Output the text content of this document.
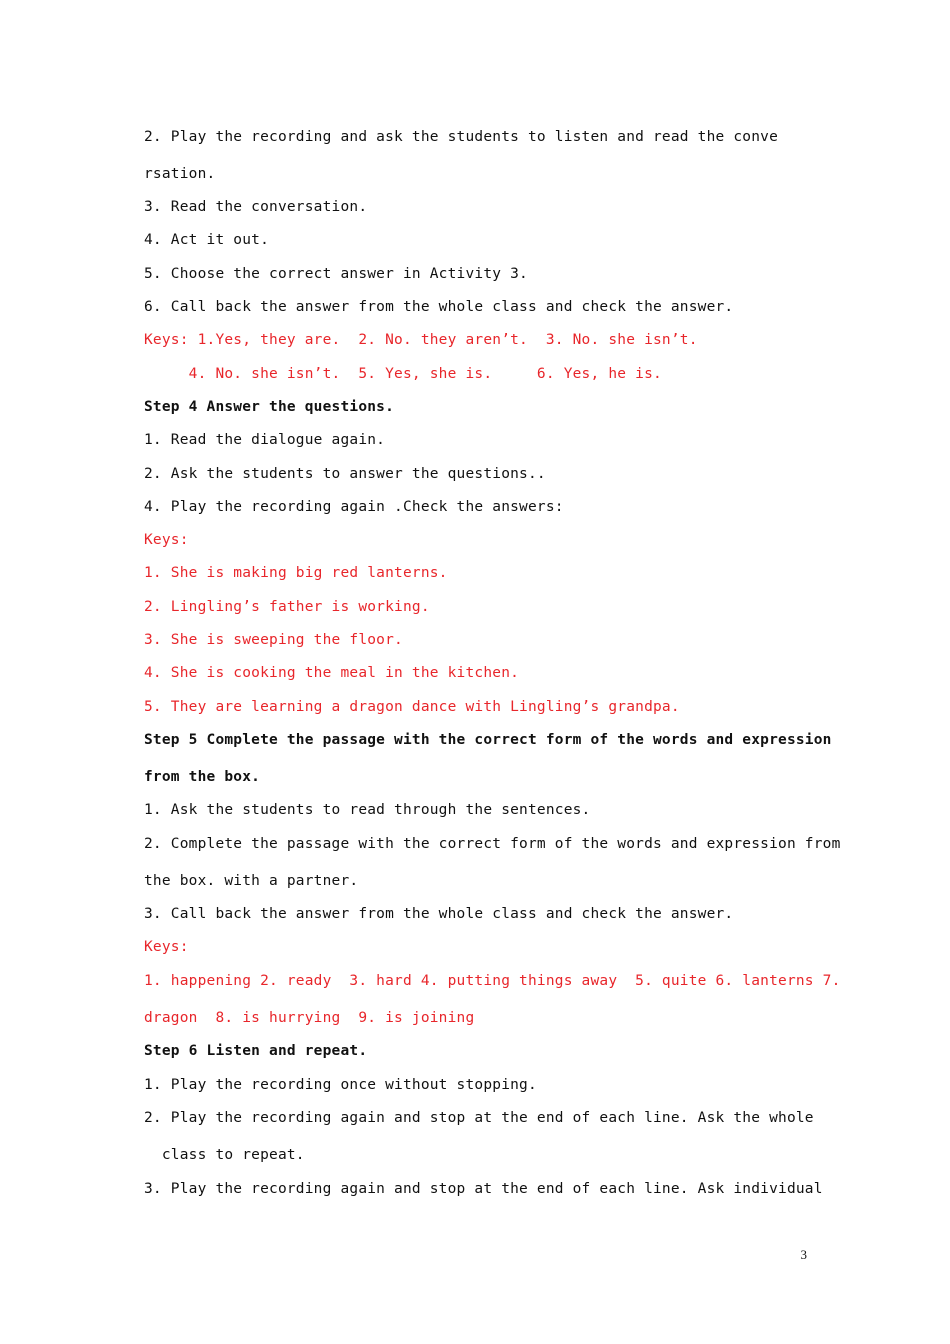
2. Play the recording and ask the students to listen and read the conve
rsation.
3. Read the conversation.
4. Act it out.
5. Choose the correct answer in Activity 3.
6. Call back the answer from the whole class and check the answer.
Keys: 1.Yes, they are.  2. No. they aren’t.  3. No. she isn’t.
4. No. she isn’t.  5. Yes, she is.     6. Yes, he is.
Step 4 Answer the questions.
1. Read the dialogue again.
2. Ask the students to answer the questions..
4. Play the recording again .Check the answers:
Keys:
1. She is making big red lanterns.
2. Lingling’s father is working.
3. She is sweeping the floor.
4. She is cooking the meal in the kitchen.
5. They are learning a dragon dance with Lingling’s grandpa.
Step 5 Complete the passage with the correct form of the words and expression
from the box.
1. Ask the students to read through the sentences.
2. Complete the passage with the correct form of the words and expression from
the box. with a partner.
3. Call back the answer from the whole class and check the answer.
Keys:
1. happening 2. ready  3. hard 4. putting things away  5. quite 6. lanterns 7.
dragon  8. is hurrying  9. is joining
Step 6 Listen and repeat.
1. Play the recording once without stopping.
2. Play the recording again and stop at the end of each line. Ask the whole
class to repeat.
3. Play the recording again and stop at the end of each line. Ask individual
3
